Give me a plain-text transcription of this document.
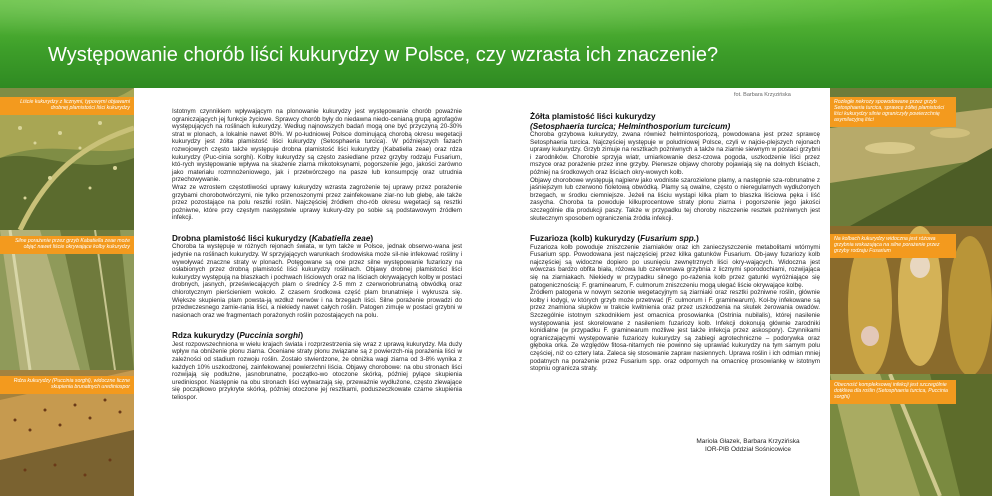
Występowanie chorób liści kukurydzy w Polsce, czy wzrasta ich znaczenie?
Liście kukurydzy z licznymi, typowymi objawami drobnej plamistości liści kukurydzy
Silne porażenie przez grzyb Kabatiella zeae może objąć nawet liście okrywające kolby kukurydzy
Rdza kukurydzy (Puccinia sorghi), widoczne liczne skupienia brunatnych urediniospor
Rozległe nekrozy spowodowane przez grzyb Setosphaeria turcica, sprawcę żółtej plamistości liści kukurydzy silnie ograniczyły powierzchnię asymilacyjną liści
Na kolbach kukurydzy widoczna jest różowa grzybnia wskazująca na silne porażenie przez grzyby rodzaju Fusarium
Obecność kompleksowej infekcji jest szczególnie dotkliwa dla roślin (Setosphaeria turcica, Puccinia sorghi)

Istotnym czynnikiem wpływającym na plonowanie kukurydzy jest występowanie chorób poważnie ograniczających jej funkcje życiowe. Sprawcy chorób były do niedawna niedo-cenianą grupą agrofagów występujących na roślinach kukurydzy. Według najnowszych badań mogą one być przyczyną 20-30% strat w plonach, a lokalnie nawet 80%. W po-łudniowej Polsce dominującą chorobą okresu wegetacji kukurydzy jest żółta plamistość liści kukurydzy (Setosphaeria turcica). W późniejszych fazach rozwojowych często także występuje drobna plamistość liści kukurydzy (Kabatiella zeae) oraz rdza kukurydzy (Puc-cinia sorghi). Kolby kukurydzy są często zasiedlane przez grzyby rodzaju Fusarium, któ-rych występowanie wpływa na skażenie ziarna mikotoksynami, pogorszenie jego, jakości zarówno jako materiału rozmnożeniowego, jak i przetwórczego na pasze lub konsumpcję oraz utrudnia przechowywanie.

Wraz ze wzrostem częstotliwości uprawy kukurydzy wzrasta zagrożenie tej uprawy przez porażenie grzybami chorobotwórczymi, nie tylko przenoszonymi przez zainfekowane ziar-no lub glebę, ale także przez pozostające na polu resztki roślin. Najczęściej źródłem cho-rób okresu wegetacji są resztki pożniwne, które przy częstym następstwie uprawy kukury-dzy po sobie są podstawowym źródłem infekcji.

Drobna plamistość liści kukurydzy (Kabatiella zeae)

Choroba ta występuje w różnych rejonach świata, w tym także w Polsce, jednak obserwo-wana jest jedynie na roślinach kukurydzy. W sprzyjających warunkach środowiska może sil-nie infekować rośliny i wywoływać znaczne straty w plonach. Potęgowane są one przez silne występowanie fuzariozy na osłabionych przez drobną plamistość liści kukurydzy roślinach. Objawy drobnej plamistości liści kukurydzy występują na blaszkach i pochwach liściowych oraz na liściach okrywających kolby w postaci drobnych, jasnych, przeświecających plam o średnicy 2-5 mm z czerwonobrunatną obwódką oraz chlorotycznym pierścieniem wokoło. Z czasem środkowa część plam brunatnieje i wykrusza się. Większe skupienia plam powsta-ją wzdłuż nerwów i na brzegach liści. Silne porażenie prowadzi do przedwczesnego zamie-rania liści, a niekiedy nawet całych roślin. Patogen zimuje w postaci grzybni w nasionach oraz we fragmentach porażonych roślin pozostających na polu.

Rdza kukurydzy (Puccinia sorghi)

Jest rozpowszechniona w wielu krajach świata i rozprzestrzenia się wraz z uprawą kukurydzy. Ma duży wpływ na obniżenie plonu ziarna. Oceniane straty plonu związane są z powierzch-nią porażenia liści w zależności od stadium rozwoju roślin. Zostało stwierdzone, że obniżka wagi ziarna od 3-8% wynika z każdych 10% uszkodzonej, zainfekowanej powierzchni liścia. Objawy chorobowe: na obu stronach liści rozwijają się podłużne, jasnobrunatne, początko-wo otoczone skórką, później pylące skupienia urediniospor. Następnie na obu stronach liści wytwarzają się, przeważnie wydłużone, często zlewające się początkowo przykryte skórką, później otoczone jej resztkami, poduszeczkowate czarne skupienia teliospor.

fot. Barbara Krzyzińska
Żółta plamistość liści kukurydzy
(Setosphaeria turcica; Helminthosporium turcicum)

Choroba grzybowa kukurydzy, zwana również helmintosporiozą, powodowana jest przez sprawcę Setosphaeria turcica. Najczęściej występuje w południowej Polsce, czyli w najcie-plejszych rejonach uprawy kukurydzy. Grzyb zimuje na resztkach pożniwnych a także na ziarnie siewnym w postaci grzybni i zarodników. Chorobie sprzyja wiatr, umiarkowanie desz-czowa pogoda, uszkodzenie liści przez mszyce oraz porażenie przez inne grzyby. Pierwsze objawy choroby pojawiają się na dolnych liściach, później na środkowych oraz liściach okry-wowych kolb.

Objawy chorobowe występują najpierw jako wodniste szarozielone plamy, a następnie sza-robrunatne z jaśniejszym lub czerwono fioletową obwódką. Plamy są owalne, często o nieregularnych wydłużonych brzegach, w środku ciemniejsze. Jeżeli na liściu wystąpi kilka plam to blaszka liściowa pęka i liść zasycha. Choroba ta powoduje kilkuprocentowe straty plonu ziarna i pogorszenie jego jakości szczególnie dla produkcji paszy. Także w przypadku tej choroby niszczenie resztek pożniwnych jest skutecznym sposobem ograniczenia źródła infekcji.

Fuzarioza (kolb) kukurydzy (Fusarium spp.)

Fuzarioza kolb powoduje zniszczenie ziarniaków oraz ich zanieczyszczenie metabolitami wtórnymi Fusarium spp. Powodowana jest najczęściej przez kilka gatunków Fusarium. Ob-jawy fuzariozy kolb najczęściej są widoczne dopiero po usunięciu zewnętrznych liści okry-wających. Widoczna jest wówczas bardzo obfita biała, różowa lub czerwonawa grzybnia z licznymi sporodochiami, rozwijająca się na ziarniakach. Niekiedy w przypadku silnego po-rażenia kolb przez gatunki wyróżniające się patogenicznością: F. graminearum, F. culmorum zniszczeniu mogą ulegać liście okrywające kolbę.

Źródłem patogena w nowym sezonie wegetacyjnym są ziarniaki oraz resztki pożniwne roślin, głównie kolby i łodygi, w których grzyb może przetrwać (F. culmorum i F. graminearum). Kol-by infekowane są przez znamiona słupków w trakcie kwitnienia oraz przez uszkodzenia na skutek żerowania owadów. Szczególnie istotnym szkodnikiem jest omacnica prosowianka (Ostrinia nubilalis), której nasilenie występowania jest skorelowane z nasileniem fuzariozy kolb. Infekcji dokonują głównie zarodniki konidialne (w przypadku F. graminearum możliwe jest także infekcja przez askospory). Czynnikami ograniczającymi występowanie fuzariozy kukurydzy są zabiegi agrotechniczne – podorywka oraz głęboka orka. Ze względów fitosa-nitarnych nie powinno się uprawiać kukurydzy na tym samym polu częściej, niż co cztery lata. Zaleca się stosowanie zapraw nasiennych. Uprawa roślin i ich odmian mniej podatnych na porażenie przez Fusarium spp. oraz odpornych na omacnicę prosowiankę w istotnym stopniu ogranicza straty.

Mariola Głazek, Barbara Krzyzińska
IOR-PIB Oddział Sośnicowice
